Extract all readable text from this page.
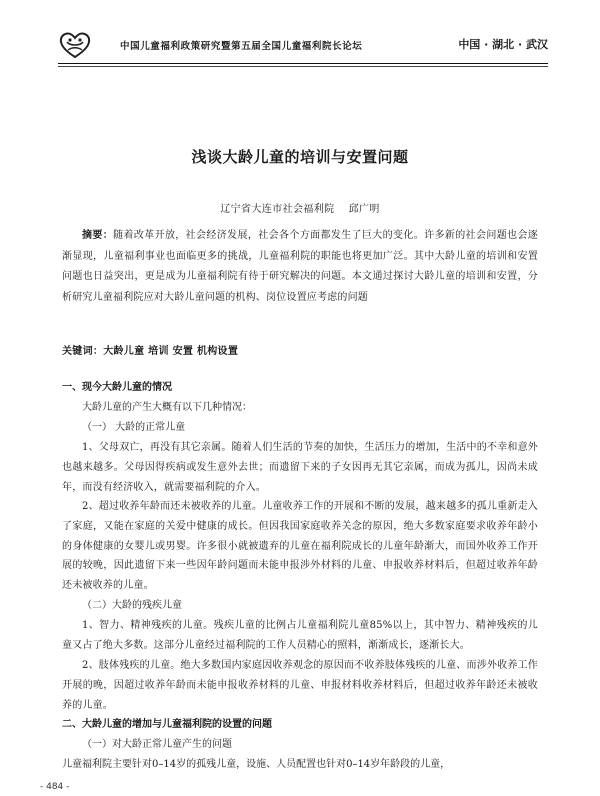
中国儿童福利政策研究暨第五届全国儿童福利院长论坛	中国 · 湖北 · 武汉
浅谈大龄儿童的培训与安置问题
辽宁省大连市社会福利院 邱广明
摘要：随着改革开放，社会经济发展，社会各个方面都发生了巨大的变化。许多新的社会问题也会逐渐显现，儿童福利事业也面临更多的挑战，儿童福利院的职能也将更加广泛。其中大龄儿童的培训和安置问题也日益突出，更是成为儿童福利院有待于研究解决的问题。本文通过探讨大龄儿童的培训和安置，分析研究儿童福利院应对大龄儿童问题的机构、岗位设置应考虑的问题
关键词：大龄儿童 培训 安置 机构设置
一、现今大龄儿童的情况
大龄儿童的产生大概有以下几种情况：
（一） 大龄的正常儿童
1、父母双亡，再没有其它亲属。随着人们生活的节奏的加快，生活压力的增加，生活中的不幸和意外也越来越多。父母因得疾病或发生意外去世；而遗留下来的子女因再无其它亲属，而成为孤儿，因尚未成年，而没有经济收入，就需要福利院的介入。
2、超过收养年龄而还未被收养的儿童。儿童收养工作的开展和不断的发展，越来越多的孤儿重新走入了家庭，又能在家庭的关爱中健康的成长。但因我国家庭收养关念的原因，绝大多数家庭要求收养年龄小的身体健康的女婴儿或男婴。许多很小就被遗弃的儿童在福利院成长的儿童年龄渐大，而国外收养工作开展的较晚，因此遗留下来一些因年龄问题而未能申报涉外材料的儿童、申报收养材料后，但超过收养年龄还未被收养的儿童。
（二）大龄的残疾儿童
1、智力、精神残疾的儿童。残疾儿童的比例占儿童福利院儿童85%以上，其中智力、精神残疾的儿童又占了绝大多数。这部分儿童经过福利院的工作人员精心的照料，渐渐成长，逐渐长大。
2、肢体残疾的儿童。绝大多数国内家庭因收养观念的原因而不收养肢体残疾的儿童、而涉外收养工作开展的晚，因超过收养年龄而未能申报收养材料的儿童、申报材料收养材料后，但超过收养年龄还未被收养的儿童。
二、大龄儿童的增加与儿童福利院的设置的问题
- 484 -
（一）对大龄正常儿童产生的问题
儿童福利院主要针对0–14岁的孤残儿童，设施、人员配置也针对0–14岁年龄段的儿童，
